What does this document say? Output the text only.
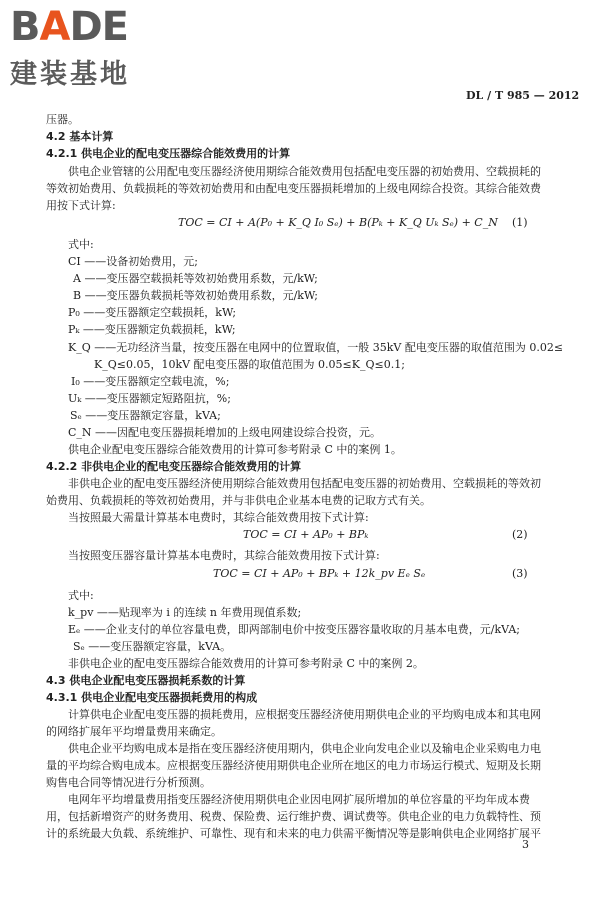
BADE
建装基地
DL / T 985 — 2012
压器。
4.2 基本计算
4.2.1 供电企业的配电变压器综合能效费用的计算
供电企业管辖的公用配电变压器经济使用期综合能效费用包括配电变压器的初始费用、空载损耗的
等效初始费用、负载损耗的等效初始费用和由配电变压器损耗增加的上级电网综合投资。其综合能效费
用按下式计算:
TOC = CI + A(P₀ + K_Q I₀ Sₑ) + B(Pₖ + K_Q Uₖ Sₑ) + C_N (1)
式中:
CI ——设备初始费用，元;
A ——变压器空载损耗等效初始费用系数，元/kW;
B ——变压器负载损耗等效初始费用系数，元/kW;
P₀ ——变压器额定空载损耗，kW;
Pₖ ——变压器额定负载损耗，kW;
K_Q ——无功经济当量，按变压器在电网中的位置取值，一般 35kV 配电变压器的取值范围为 0.02≤
K_Q≤0.05，10kV 配电变压器的取值范围为 0.05≤K_Q≤0.1;
I₀ ——变压器额定空载电流，%;
Uₖ ——变压器额定短路阻抗，%;
Sₑ ——变压器额定容量，kVA;
C_N ——因配电变压器损耗增加的上级电网建设综合投资，元。
供电企业配电变压器综合能效费用的计算可参考附录 C 中的案例 1。
4.2.2 非供电企业的配电变压器综合能效费用的计算
非供电企业的配电变压器经济使用期综合能效费用包括配电变压器的初始费用、空载损耗的等效初
始费用、负载损耗的等效初始费用，并与非供电企业基本电费的记取方式有关。
当按照最大需量计算基本电费时，其综合能效费用按下式计算:
TOC = CI + AP₀ + BPₖ	(2)
当按照变压器容量计算基本电费时，其综合能效费用按下式计算:
TOC = CI + AP₀ + BPₖ + 12k_pv Eₑ Sₑ	(3)
式中:
k_pv ——贴现率为 i 的连续 n 年费用现值系数;
Eₑ ——企业支付的单位容量电费，即两部制电价中按变压器容量收取的月基本电费，元/kVA;
Sₑ ——变压器额定容量，kVA。
非供电企业的配电变压器综合能效费用的计算可参考附录 C 中的案例 2。
4.3 供电企业配电变压器损耗系数的计算
4.3.1 供电企业配电变压器损耗费用的构成
计算供电企业配电变压器的损耗费用，应根据变压器经济使用期供电企业的平均购电成本和其电网
的网络扩展年平均增量费用来确定。
供电企业平均购电成本是指在变压器经济使用期内，供电企业向发电企业以及输电企业采购电力电
量的平均综合购电成本。应根据变压器经济使用期供电企业所在地区的电力市场运行模式、短期及长期
购售电合同等情况进行分析预测。
电网年平均增量费用指变压器经济使用期供电企业因电网扩展所增加的单位容量的平均年成本费
用，包括新增资产的财务费用、税费、保险费、运行维护费、调试费等。供电企业的电力负载特性、预
计的系统最大负载、系统维护、可靠性、现有和未来的电力供需平衡情况等是影响供电企业网络扩展平
3
